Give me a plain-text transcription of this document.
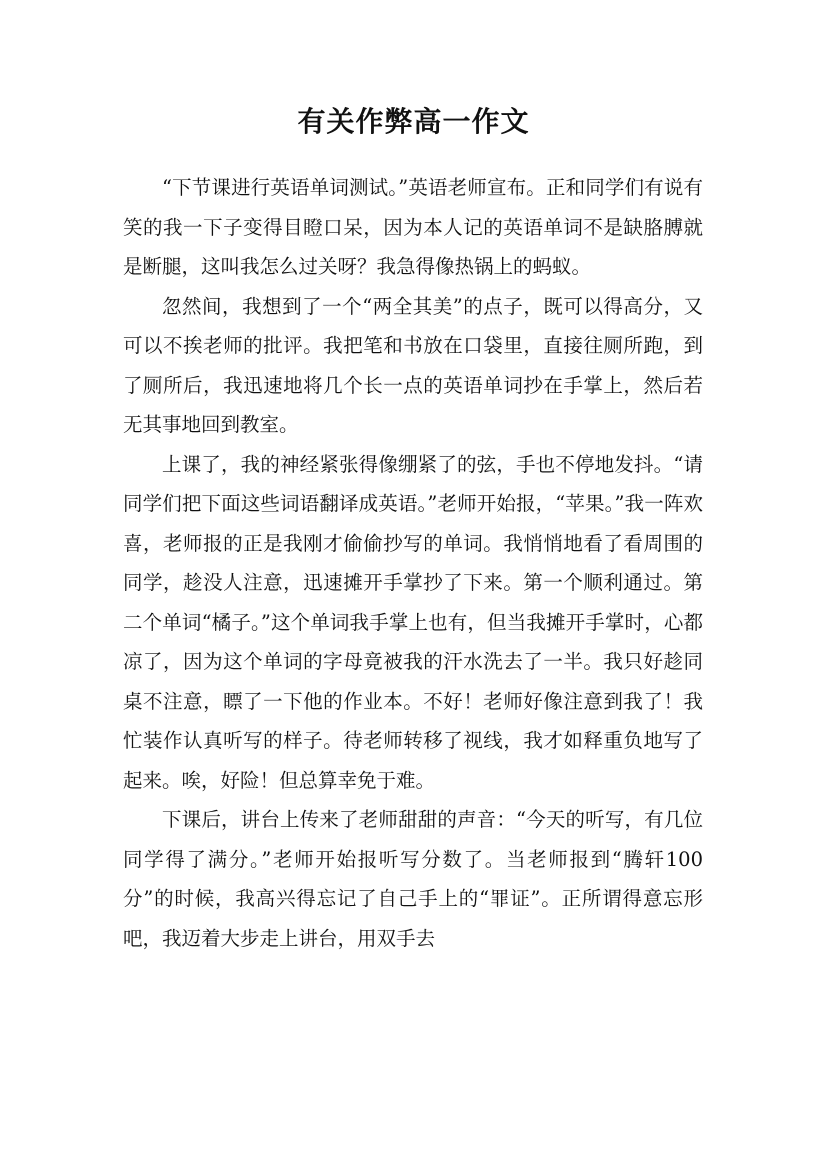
有关作弊高一作文

“下节课进行英语单词测试。”英语老师宣布。正和同学们有说有笑的我一下子变得目瞪口呆，因为本人记的英语单词不是缺胳膊就是断腿，这叫我怎么过关呀？我急得像热锅上的蚂蚁。

忽然间，我想到了一个“两全其美”的点子，既可以得高分，又可以不挨老师的批评。我把笔和书放在口袋里，直接往厕所跑，到了厕所后，我迅速地将几个长一点的英语单词抄在手掌上，然后若无其事地回到教室。

上课了，我的神经紧张得像绷紧了的弦，手也不停地发抖。“请同学们把下面这些词语翻译成英语。”老师开始报，“苹果。”我一阵欢喜，老师报的正是我刚才偷偷抄写的单词。我悄悄地看了看周围的同学，趁没人注意，迅速摊开手掌抄了下来。第一个顺利通过。第二个单词“橘子。”这个单词我手掌上也有，但当我摊开手掌时，心都凉了，因为这个单词的字母竟被我的汗水洗去了一半。我只好趁同桌不注意，瞟了一下他的作业本。不好！老师好像注意到我了！我忙装作认真听写的样子。待老师转移了视线，我才如释重负地写了起来。唉，好险！但总算幸免于难。

下课后，讲台上传来了老师甜甜的声音：“今天的听写，有几位同学得了满分。”老师开始报听写分数了。当老师报到“腾轩100分”的时候，我高兴得忘记了自己手上的“罪证”。正所谓得意忘形吧，我迈着大步走上讲台，用双手去
